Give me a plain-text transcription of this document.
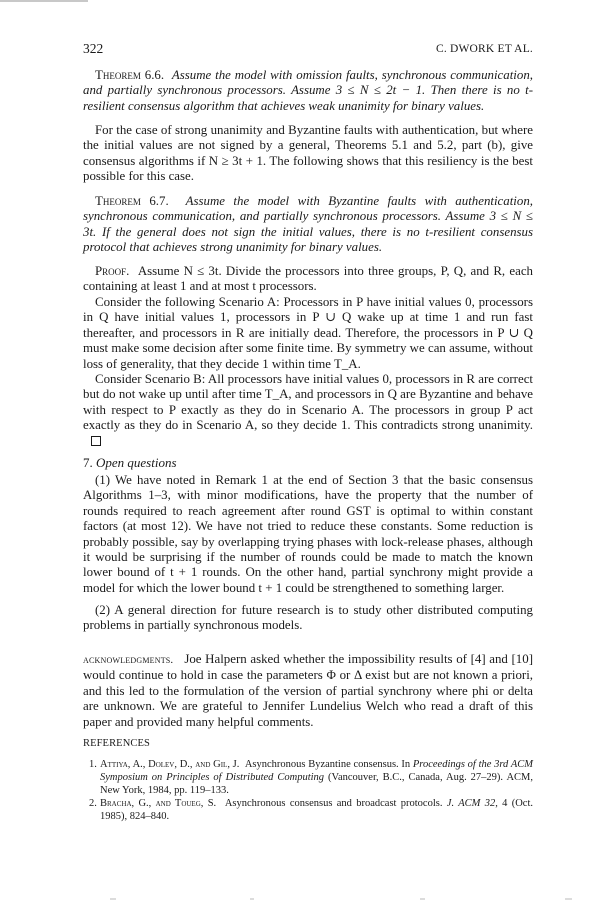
322	C. DWORK ET AL.

Theorem 6.6. Assume the model with omission faults, synchronous communication, and partially synchronous processors. Assume 3 ≤ N ≤ 2t − 1. Then there is no t-resilient consensus algorithm that achieves weak unanimity for binary values.

For the case of strong unanimity and Byzantine faults with authentication, but where the initial values are not signed by a general, Theorems 5.1 and 5.2, part (b), give consensus algorithms if N ≥ 3t + 1. The following shows that this resiliency is the best possible for this case.

Theorem 6.7. Assume the model with Byzantine faults with authentication, synchronous communication, and partially synchronous processors. Assume 3 ≤ N ≤ 3t. If the general does not sign the initial values, there is no t-resilient consensus protocol that achieves strong unanimity for binary values.

Proof. Assume N ≤ 3t. Divide the processors into three groups, P, Q, and R, each containing at least 1 and at most t processors.

Consider the following Scenario A: Processors in P have initial values 0, processors in Q have initial values 1, processors in P ∪ Q wake up at time 1 and run fast thereafter, and processors in R are initially dead. Therefore, the processors in P ∪ Q must make some decision after some finite time. By symmetry we can assume, without loss of generality, that they decide 1 within time T_A.

Consider Scenario B: All processors have initial values 0, processors in R are correct but do not wake up until after time T_A, and processors in Q are Byzantine and behave with respect to P exactly as they do in Scenario A. The processors in group P act exactly as they do in Scenario A, so they decide 1. This contradicts strong unanimity.

7. Open questions

(1) We have noted in Remark 1 at the end of Section 3 that the basic consensus Algorithms 1–3, with minor modifications, have the property that the number of rounds required to reach agreement after round GST is optimal to within constant factors (at most 12). We have not tried to reduce these constants. Some reduction is probably possible, say by overlapping trying phases with lock-release phases, although it would be surprising if the number of rounds could be made to match the known lower bound of t + 1 rounds. On the other hand, partial synchrony might provide a model for which the lower bound t + 1 could be strengthened to something larger.

(2) A general direction for future research is to study other distributed computing problems in partially synchronous models.

acknowledgments. Joe Halpern asked whether the impossibility results of [4] and [10] would continue to hold in case the parameters Φ or Δ exist but are not known a priori, and this led to the formulation of the version of partial synchrony where phi or delta are unknown. We are grateful to Jennifer Lundelius Welch who read a draft of this paper and provided many helpful comments.

REFERENCES

1. Attiya, A., Dolev, D., and Gil, J. Asynchronous Byzantine consensus. In Proceedings of the 3rd ACM Symposium on Principles of Distributed Computing (Vancouver, B.C., Canada, Aug. 27–29). ACM, New York, 1984, pp. 119–133.

2. Bracha, G., and Toueg, S. Asynchronous consensus and broadcast protocols. J. ACM 32, 4 (Oct. 1985), 824–840.
